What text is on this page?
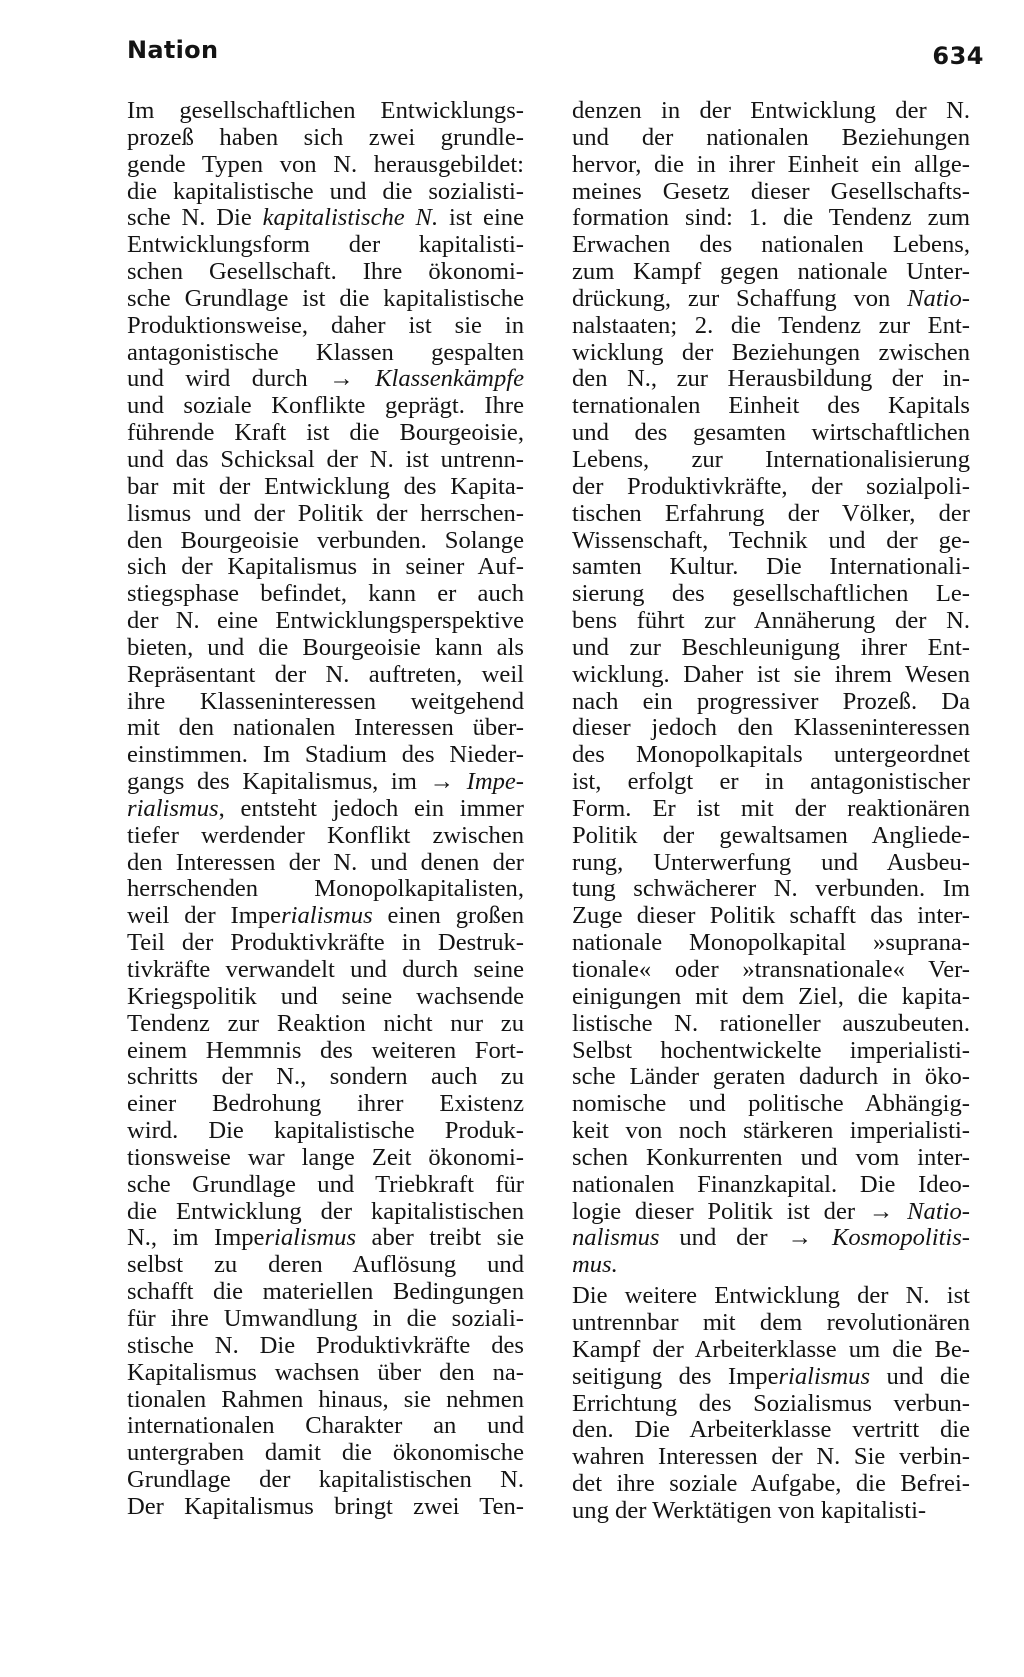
Nation	634
Im gesellschaftlichen Entwicklungs-
prozeß haben sich zwei grundle-
gende Typen von N. herausgebildet:
die kapitalistische und die sozialisti-
sche N. Die kapitalistische N. ist eine
Entwicklungsform der kapitalisti-
schen Gesellschaft. Ihre ökonomi-
sche Grundlage ist die kapitalistische
Produktionsweise, daher ist sie in
antagonistische Klassen gespalten
und wird durch → Klassenkämpfe
und soziale Konflikte geprägt. Ihre
führende Kraft ist die Bourgeoisie,
und das Schicksal der N. ist untrenn-
bar mit der Entwicklung des Kapita-
lismus und der Politik der herrschen-
den Bourgeoisie verbunden. Solange
sich der Kapitalismus in seiner Auf-
stiegsphase befindet, kann er auch
der N. eine Entwicklungsperspektive
bieten, und die Bourgeoisie kann als
Repräsentant der N. auftreten, weil
ihre Klasseninteressen weitgehend
mit den nationalen Interessen über-
einstimmen. Im Stadium des Nieder-
gangs des Kapitalismus, im → Impe-
rialismus, entsteht jedoch ein immer
tiefer werdender Konflikt zwischen
den Interessen der N. und denen der
herrschenden Monopolkapitalisten,
weil der Imperialismus einen großen
Teil der Produktivkräfte in Destruk-
tivkräfte verwandelt und durch seine
Kriegspolitik und seine wachsende
Tendenz zur Reaktion nicht nur zu
einem Hemmnis des weiteren Fort-
schritts der N., sondern auch zu
einer Bedrohung ihrer Existenz
wird. Die kapitalistische Produk-
tionsweise war lange Zeit ökonomi-
sche Grundlage und Triebkraft für
die Entwicklung der kapitalistischen
N., im Imperialismus aber treibt sie
selbst zu deren Auflösung und
schafft die materiellen Bedingungen
für ihre Umwandlung in die soziali-
stische N. Die Produktivkräfte des
Kapitalismus wachsen über den na-
tionalen Rahmen hinaus, sie nehmen
internationalen Charakter an und
untergraben damit die ökonomische
Grundlage der kapitalistischen N.
Der Kapitalismus bringt zwei Ten-
denzen in der Entwicklung der N.
und der nationalen Beziehungen
hervor, die in ihrer Einheit ein allge-
meines Gesetz dieser Gesellschafts-
formation sind: 1. die Tendenz zum
Erwachen des nationalen Lebens,
zum Kampf gegen nationale Unter-
drückung, zur Schaffung von Natio-
nalstaaten; 2. die Tendenz zur Ent-
wicklung der Beziehungen zwischen
den N., zur Herausbildung der in-
ternationalen Einheit des Kapitals
und des gesamten wirtschaftlichen
Lebens, zur Internationalisierung
der Produktivkräfte, der sozialpoli-
tischen Erfahrung der Völker, der
Wissenschaft, Technik und der ge-
samten Kultur. Die Internationali-
sierung des gesellschaftlichen Le-
bens führt zur Annäherung der N.
und zur Beschleunigung ihrer Ent-
wicklung. Daher ist sie ihrem Wesen
nach ein progressiver Prozeß. Da
dieser jedoch den Klasseninteressen
des Monopolkapitals untergeordnet
ist, erfolgt er in antagonistischer
Form. Er ist mit der reaktionären
Politik der gewaltsamen Angliede-
rung, Unterwerfung und Ausbeu-
tung schwächerer N. verbunden. Im
Zuge dieser Politik schafft das inter-
nationale Monopolkapital »suprana-
tionale« oder »transnationale« Ver-
einigungen mit dem Ziel, die kapita-
listische N. rationeller auszubeuten.
Selbst hochentwickelte imperialisti-
sche Länder geraten dadurch in öko-
nomische und politische Abhängig-
keit von noch stärkeren imperialisti-
schen Konkurrenten und vom inter-
nationalen Finanzkapital. Die Ideo-
logie dieser Politik ist der → Natio-
nalismus und der → Kosmopolitis-
mus.
Die weitere Entwicklung der N. ist
untrennbar mit dem revolutionären
Kampf der Arbeiterklasse um die Be-
seitigung des Imperialismus und die
Errichtung des Sozialismus verbun-
den. Die Arbeiterklasse vertritt die
wahren Interessen der N. Sie verbin-
det ihre soziale Aufgabe, die Befrei-
ung der Werktätigen von kapitalisti-
